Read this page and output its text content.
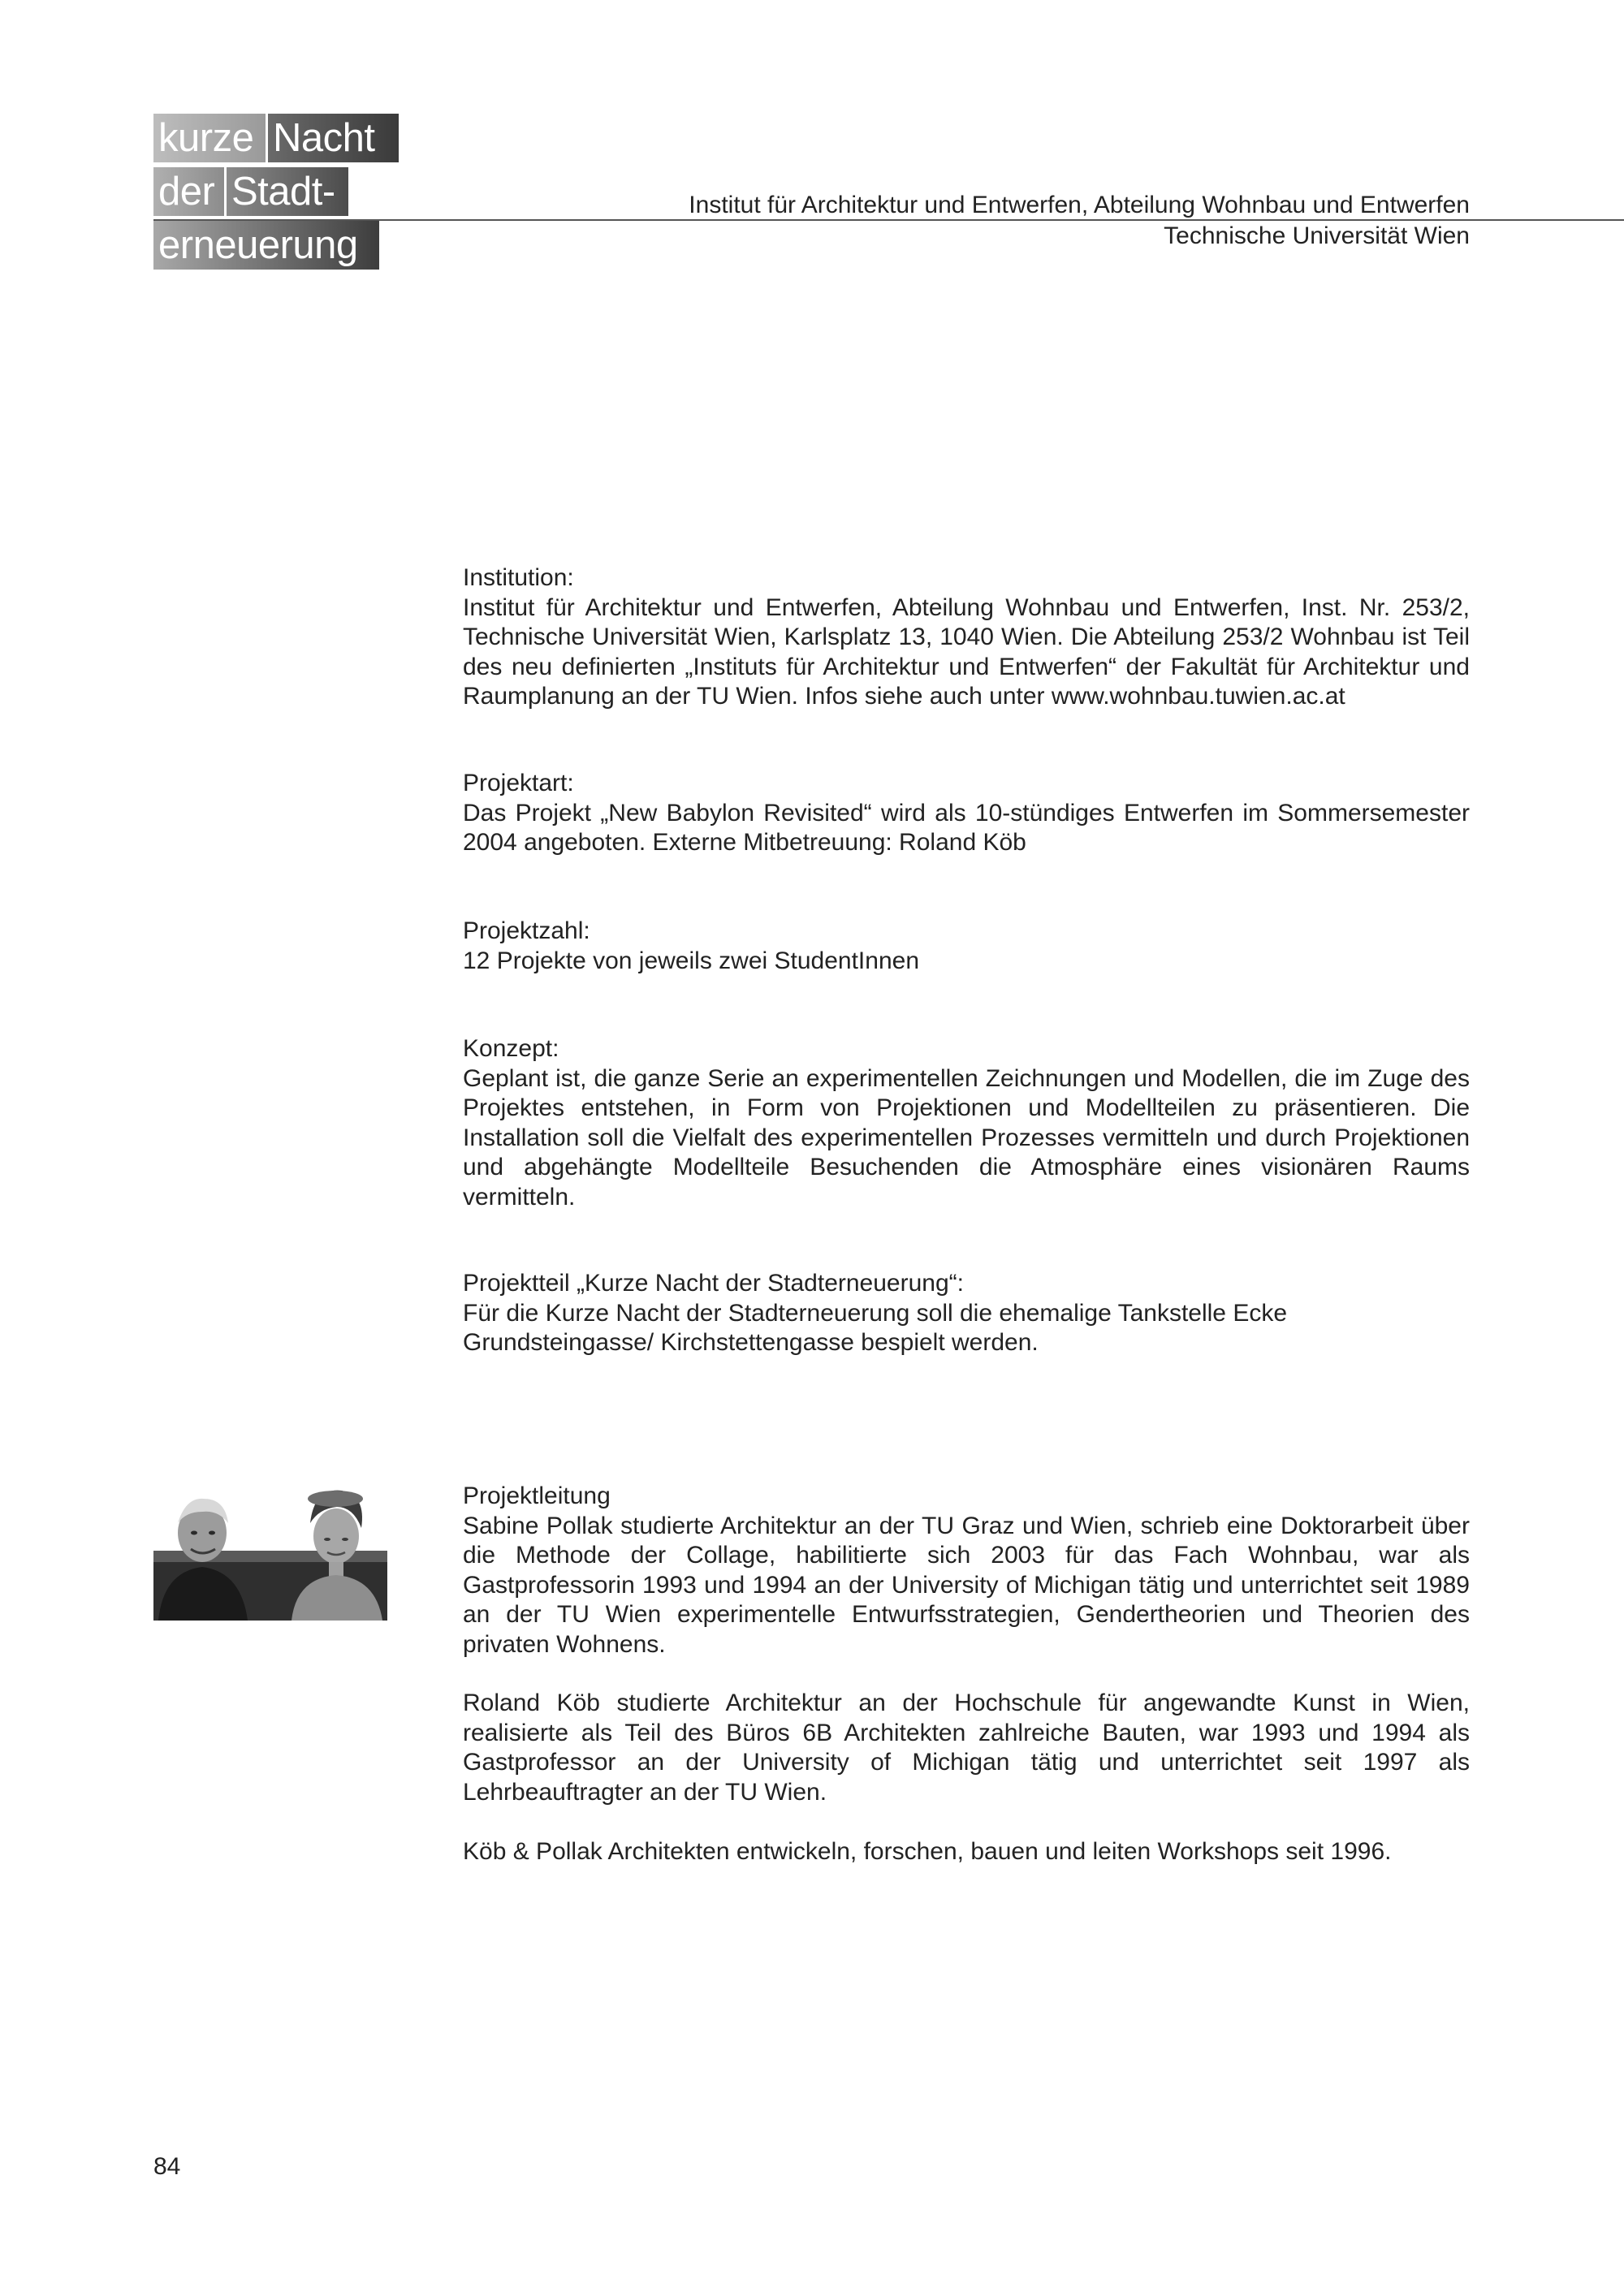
kurze Nacht
der Stadt-
erneuerung
Institut für Architektur und Entwerfen, Abteilung Wohnbau und Entwerfen
Technische Universität Wien
Institution:

Institut für Architektur und Entwerfen, Abteilung Wohnbau und Entwerfen, Inst. Nr. 253/2, Technische Universität Wien, Karlsplatz 13, 1040 Wien. Die Abteilung 253/2 Wohnbau ist Teil des neu definierten „Instituts für Architektur und Entwerfen“ der Fakultät für Architektur und Raumplanung an der TU Wien. Infos siehe auch unter www.wohnbau.tuwien.ac.at

Projektart:

Das Projekt „New Babylon Revisited“ wird als 10-stündiges Entwerfen im Sommersemester 2004 angeboten. Externe Mitbetreuung: Roland Köb

Projektzahl:

12 Projekte von jeweils zwei StudentInnen

Konzept:

Geplant ist, die ganze Serie an experimentellen Zeichnungen und Modellen, die im Zuge des Projektes entstehen, in Form von Projektionen und Modellteilen zu präsentieren. Die Installation soll die Vielfalt des experimentellen Prozesses vermitteln und durch Projektionen und abgehängte Modellteile Besuchenden die Atmosphäre eines visionären Raums vermitteln.

Projektteil „Kurze Nacht der Stadterneuerung“:

Für die Kurze Nacht der Stadterneuerung soll die ehemalige Tankstelle Ecke Grundsteingasse/ Kirchstettengasse bespielt werden.

Projektleitung

Sabine Pollak studierte Architektur an der TU Graz und Wien, schrieb eine Doktorarbeit über die Methode der Collage, habilitierte sich 2003 für das Fach Wohnbau, war als Gastprofessorin 1993 und 1994 an der University of Michigan tätig und unterrichtet seit 1989 an der TU Wien experimentelle Entwurfsstrategien, Gendertheorien und Theorien des privaten Wohnens.

Roland Köb studierte Architektur an der Hochschule für angewandte Kunst in Wien, realisierte als Teil des Büros 6B Architekten zahlreiche Bauten, war 1993 und 1994 als Gastprofessor an der University of Michigan tätig und unterrichtet seit 1997 als Lehrbeauftragter an der TU Wien.

Köb & Pollak Architekten entwickeln, forschen, bauen und leiten Workshops seit 1996.

84
